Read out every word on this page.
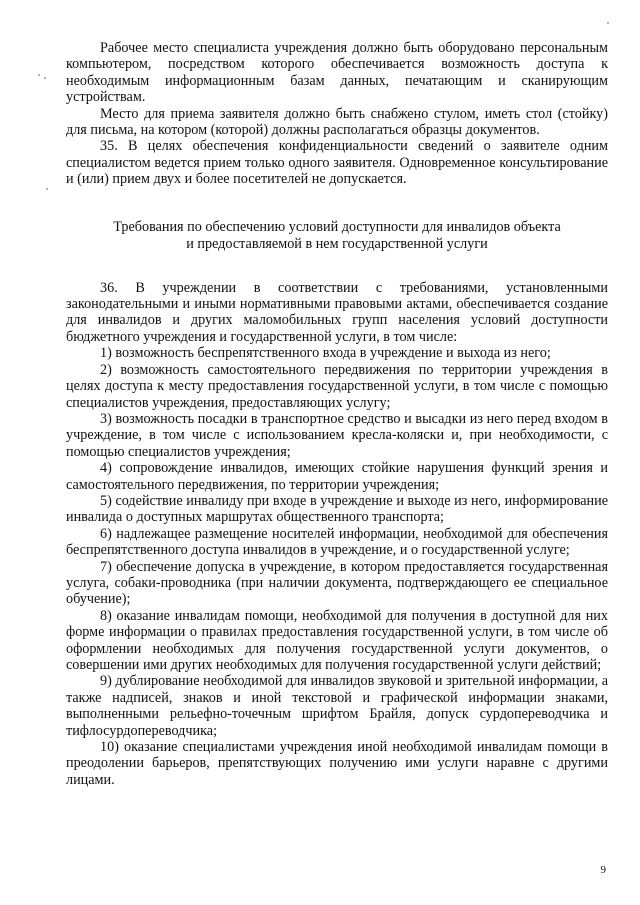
Рабочее место специалиста учреждения должно быть оборудовано персональным компьютером, посредством которого обеспечивается возможность доступа к необходимым информационным базам данных, печатающим и сканирующим устройствам.

Место для приема заявителя должно быть снабжено стулом, иметь стол (стойку) для письма, на котором (которой) должны располагаться образцы документов.

35. В целях обеспечения конфиденциальности сведений о заявителе одним специалистом ведется прием только одного заявителя. Одновременное консультирование и (или) прием двух и более посетителей не допускается.

Требования по обеспечению условий доступности для инвалидов объекта
и предоставляемой в нем государственной услуги

36. В учреждении в соответствии с требованиями, установленными законодательными и иными нормативными правовыми актами, обеспечивается создание для инвалидов и других маломобильных групп населения условий доступности бюджетного учреждения и государственной услуги, в том числе:

1) возможность беспрепятственного входа в учреждение и выхода из него;

2) возможность самостоятельного передвижения по территории учреждения в целях доступа к месту предоставления государственной услуги, в том числе с помощью специалистов учреждения, предоставляющих услугу;

3) возможность посадки в транспортное средство и высадки из него перед входом в учреждение, в том числе с использованием кресла-коляски и, при необходимости, с помощью специалистов учреждения;

4) сопровождение инвалидов, имеющих стойкие нарушения функций зрения и самостоятельного передвижения, по территории учреждения;

5) содействие инвалиду при входе в учреждение и выходе из него, информирование инвалида о доступных маршрутах общественного транспорта;

6) надлежащее размещение носителей информации, необходимой для обеспечения беспрепятственного доступа инвалидов в учреждение, и о государственной услуге;

7) обеспечение допуска в учреждение, в котором предоставляется государственная услуга, собаки-проводника (при наличии документа, подтверждающего ее специальное обучение);

8) оказание инвалидам помощи, необходимой для получения в доступной для них форме информации о правилах предоставления государственной услуги, в том числе об оформлении необходимых для получения государственной услуги документов, о совершении ими других необходимых для получения государственной услуги действий;

9) дублирование необходимой для инвалидов звуковой и зрительной информации, а также надписей, знаков и иной текстовой и графической информации знаками, выполненными рельефно-точечным шрифтом Брайля, допуск сурдопереводчика и тифлосурдопереводчика;

10) оказание специалистами учреждения иной необходимой инвалидам помощи в преодолении барьеров, препятствующих получению ими услуги наравне с другими лицами.

9
